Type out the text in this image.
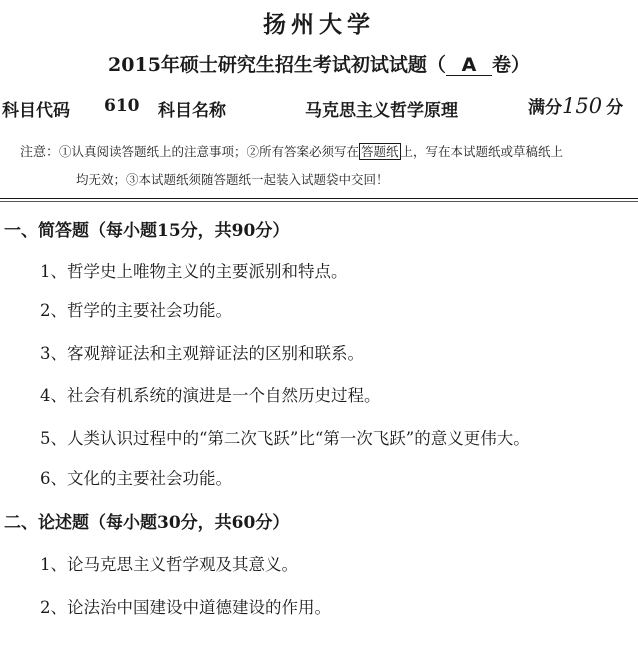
扬州大学
2015年硕士研究生招生考试初试试题（ A 卷）
科目代码 610 科目名称	马克思主义哲学原理	满分150 分
注意：①认真阅读答题纸上的注意事项；②所有答案必须写在 答题纸 上，写在本试题纸或草稿纸上
均无效；③本试题纸须随答题纸一起装入试题袋中交回！
一、简答题（每小题15分，共90分）
1、哲学史上唯物主义的主要派别和特点。
2、哲学的主要社会功能。
3、客观辩证法和主观辩证法的区别和联系。
4、社会有机系统的演进是一个自然历史过程。
5、人类认识过程中的“第二次飞跃”比“第一次飞跃”的意义更伟大。
6、文化的主要社会功能。
二、论述题（每小题30分，共60分）
1、论马克思主义哲学观及其意义。
2、论法治中国建设中道德建设的作用。
